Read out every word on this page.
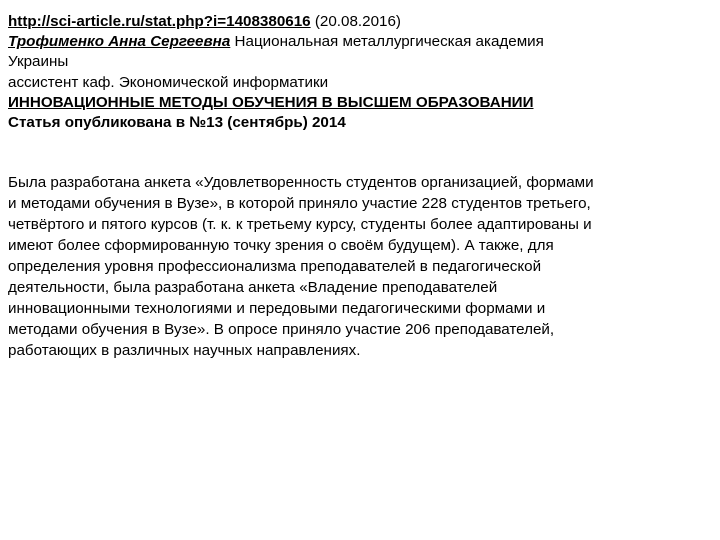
http://sci-article.ru/stat.php?i=1408380616 (20.08.2016)

Трофименко Анна Сергеевна Национальная металлургическая академия

Украины

ассистент каф. Экономической информатики

ИННОВАЦИОННЫЕ МЕТОДЫ ОБУЧЕНИЯ В ВЫСШЕМ ОБРАЗОВАНИИ

Статья опубликована в №13 (сентябрь) 2014

Была разработана анкета «Удовлетворенность студентов организацией, формами

и методами обучения в Вузе», в которой приняло участие 228 студентов третьего,

четвёртого и пятого курсов (т. к. к третьему курсу, студенты более адаптированы и

имеют более сформированную точку зрения о своём будущем). А также, для

определения уровня профессионализма преподавателей в педагогической

деятельности, была разработана анкета «Владение преподавателей

инновационными технологиями и передовыми педагогическими формами и

методами обучения в Вузе». В опросе приняло участие 206 преподавателей,

работающих в различных научных направлениях.
